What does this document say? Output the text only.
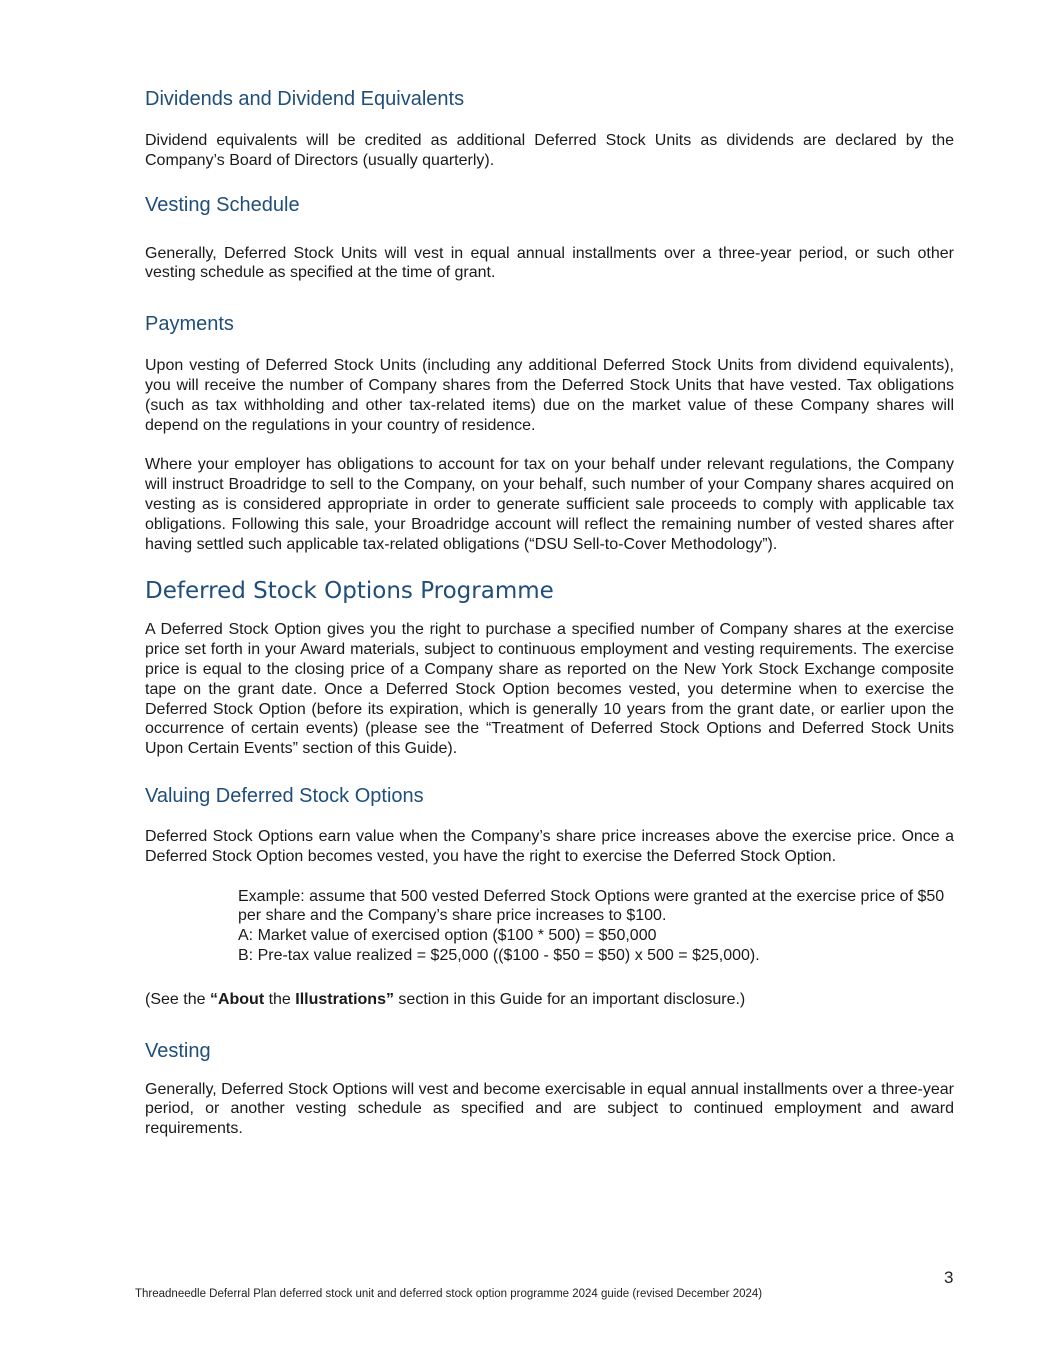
Dividends and Dividend Equivalents

Dividend equivalents will be credited as additional Deferred Stock Units as dividends are declared by the Company’s Board of Directors (usually quarterly).

Vesting Schedule

Generally, Deferred Stock Units will vest in equal annual installments over a three-year period, or such other vesting schedule as specified at the time of grant.

Payments

Upon vesting of Deferred Stock Units (including any additional Deferred Stock Units from dividend equivalents), you will receive the number of Company shares from the Deferred Stock Units that have vested. Tax obligations (such as tax withholding and other tax-related items) due on the market value of these Company shares will depend on the regulations in your country of residence.

Where your employer has obligations to account for tax on your behalf under relevant regulations, the Company will instruct Broadridge to sell to the Company, on your behalf, such number of your Company shares acquired on vesting as is considered appropriate in order to generate sufficient sale proceeds to comply with applicable tax obligations. Following this sale, your Broadridge account will reflect the remaining number of vested shares after having settled such applicable tax-related obligations (“DSU Sell-to-Cover Methodology”).

Deferred Stock Options Programme

A Deferred Stock Option gives you the right to purchase a specified number of Company shares at the exercise price set forth in your Award materials, subject to continuous employment and vesting requirements. The exercise price is equal to the closing price of a Company share as reported on the New York Stock Exchange composite tape on the grant date. Once a Deferred Stock Option becomes vested, you determine when to exercise the Deferred Stock Option (before its expiration, which is generally 10 years from the grant date, or earlier upon the occurrence of certain events) (please see the “Treatment of Deferred Stock Options and Deferred Stock Units Upon Certain Events” section of this Guide).

Valuing Deferred Stock Options

Deferred Stock Options earn value when the Company’s share price increases above the exercise price. Once a Deferred Stock Option becomes vested, you have the right to exercise the Deferred Stock Option.

Example: assume that 500 vested Deferred Stock Options were granted at the exercise price of $50 per share and the Company’s share price increases to $100.

A: Market value of exercised option ($100 * 500) = $50,000

B: Pre-tax value realized = $25,000 (($100 - $50 = $50) x 500 = $25,000).

(See the “About the Illustrations” section in this Guide for an important disclosure.)

Vesting

Generally, Deferred Stock Options will vest and become exercisable in equal annual installments over a three-year period, or another vesting schedule as specified and are subject to continued employment and award requirements.

3
Threadneedle Deferral Plan deferred stock unit and deferred stock option programme 2024 guide (revised December 2024)
